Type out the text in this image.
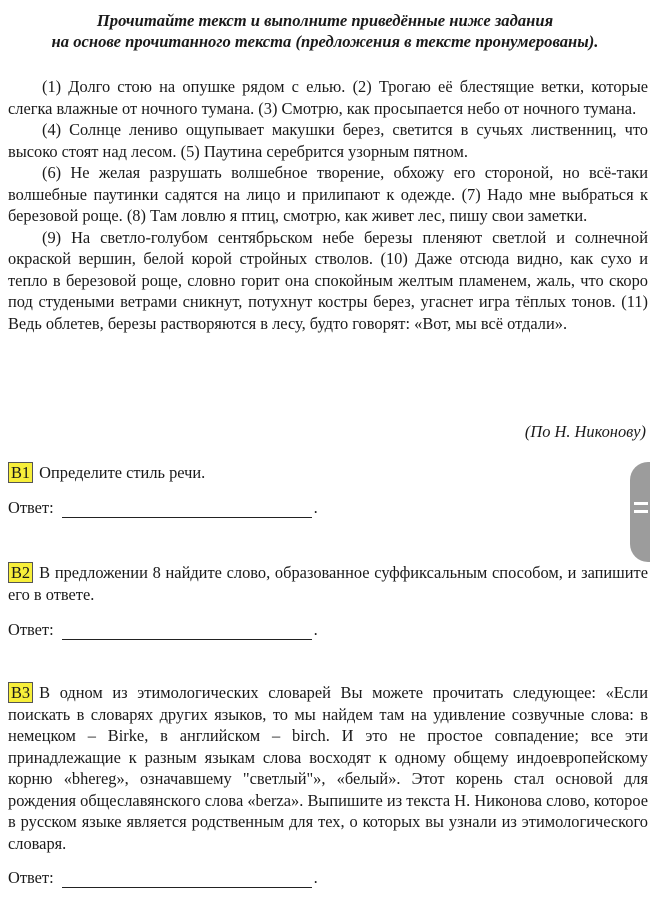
Прочитайте текст и выполните приведённые ниже задания
на основе прочитанного текста (предложения в тексте пронумерованы).

(1) Долго стою на опушке рядом с елью. (2) Трогаю её блестящие ветки, которые слегка влажные от ночного тумана. (3) Смотрю, как просыпается небо от ночного тумана.

(4) Солнце лениво ощупывает макушки берез, светится в сучьях лиственниц, что высоко стоят над лесом. (5) Паутина серебрится узорным пятном.

(6) Не желая разрушать волшебное творение, обхожу его стороной, но всё-таки волшебные паутинки садятся на лицо и прилипают к одежде. (7) Надо мне выбраться к березовой роще. (8) Там ловлю я птиц, смотрю, как живет лес, пишу свои заметки.

(9) На светло-голубом сентябрьском небе березы пленяют светлой и солнечной окраской вершин, белой корой стройных стволов. (10) Даже отсюда видно, как сухо и тепло в березовой роще, словно горит она спокойным желтым пламенем, жаль, что скоро под студеными ветрами сникнут, потухнут костры берез, угаснет игра тёплых тонов. (11) Ведь облетев, березы растворяются в лесу, будто говорят: «Вот, мы всё отдали».

(По Н. Никонову)
В1 Определите стиль речи.
Ответ:	.
В2 В предложении 8 найдите слово, образованное суффиксальным способом, и запишите его в ответе.
Ответ:	.
В3 В одном из этимологических словарей Вы можете прочитать следующее: «Если поискать в словарях других языков, то мы найдем там на удивление созвучные слова: в немецком – Birke, в английском – birch. И это не простое совпадение; все эти принадлежащие к разным языкам слова восходят к одному общему индоевропейскому корню «bhereg», означавшему "светлый"», «белый». Этот корень стал основой для рождения общеславянского слова «berza». Выпишите из текста Н. Никонова слово, которое в русском языке является родственным для тех, о которых вы узнали из этимологического словаря.
Ответ:	.
